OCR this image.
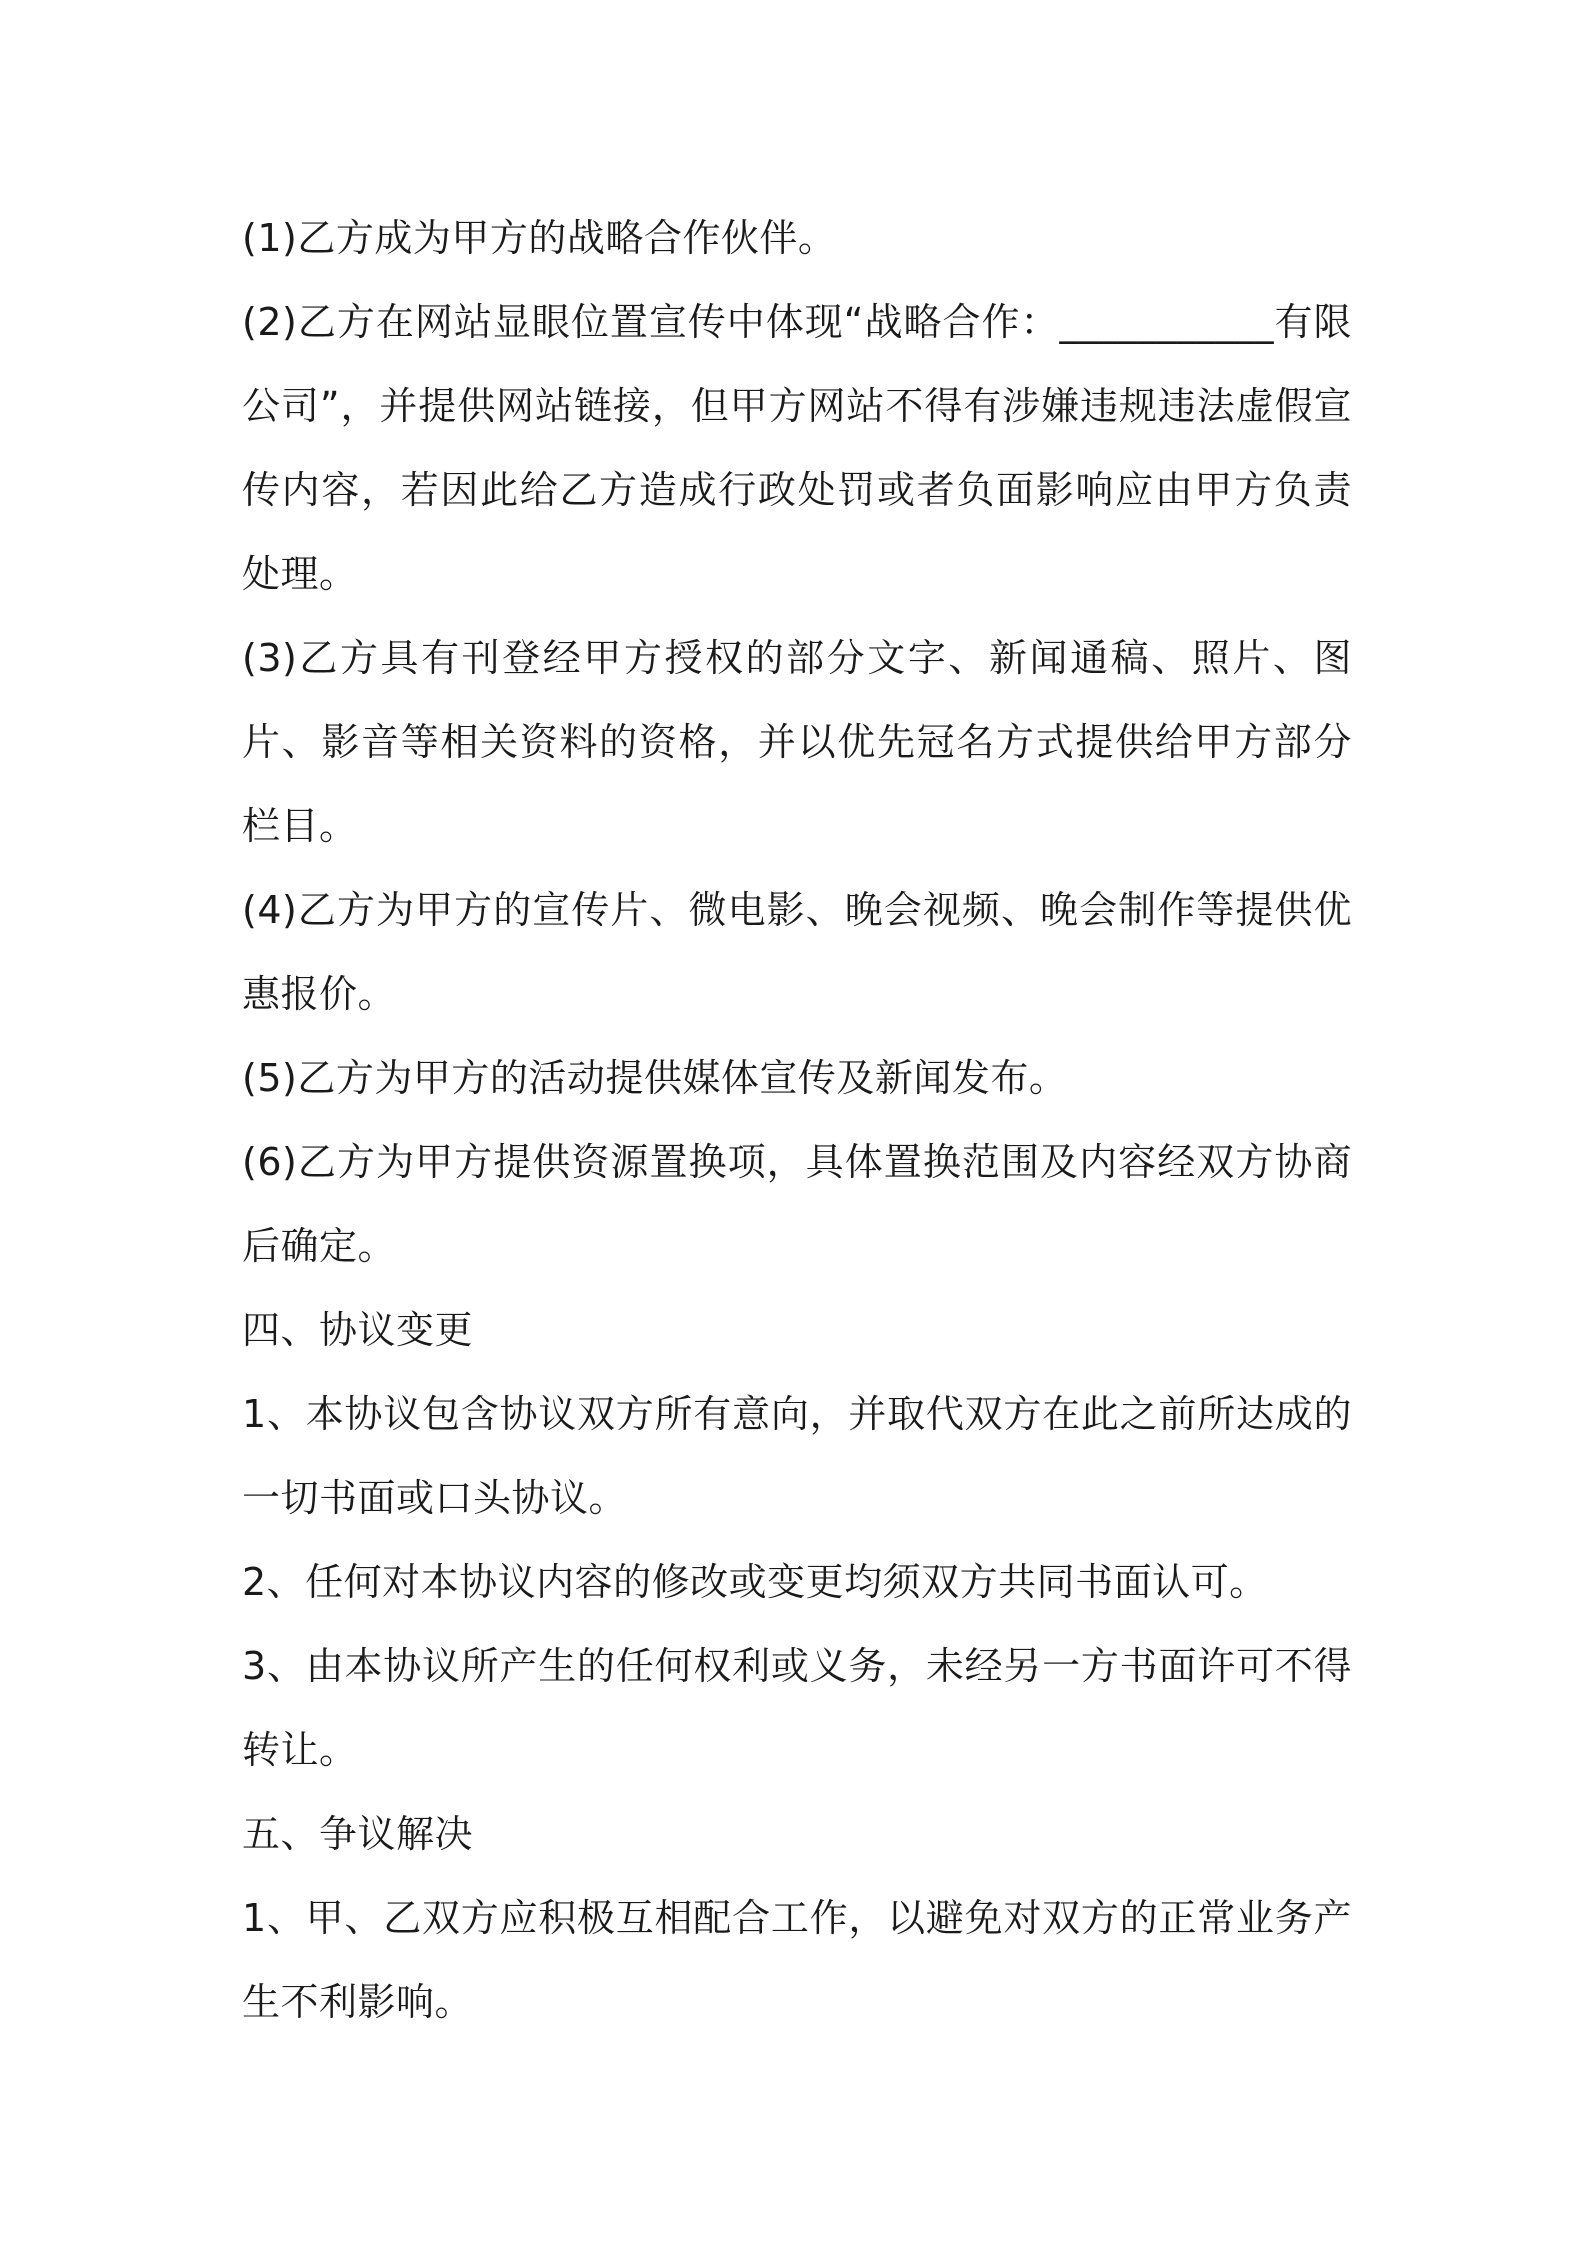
(1)乙方成为甲方的战略合作伙伴。

(2)乙方在网站显眼位置宣传中体现“战略合作：___________有限公司”，并提供网站链接，但甲方网站不得有涉嫌违规违法虚假宣传内容，若因此给乙方造成行政处罚或者负面影响应由甲方负责处理。

(3)乙方具有刊登经甲方授权的部分文字、新闻通稿、照片、图片、影音等相关资料的资格，并以优先冠名方式提供给甲方部分栏目。

(4)乙方为甲方的宣传片、微电影、晚会视频、晚会制作等提供优惠报价。

(5)乙方为甲方的活动提供媒体宣传及新闻发布。

(6)乙方为甲方提供资源置换项，具体置换范围及内容经双方协商后确定。

四、协议变更

1、本协议包含协议双方所有意向，并取代双方在此之前所达成的一切书面或口头协议。

2、任何对本协议内容的修改或变更均须双方共同书面认可。

3、由本协议所产生的任何权利或义务，未经另一方书面许可不得转让。

五、争议解决

1、甲、乙双方应积极互相配合工作，以避免对双方的正常业务产生不利影响。
